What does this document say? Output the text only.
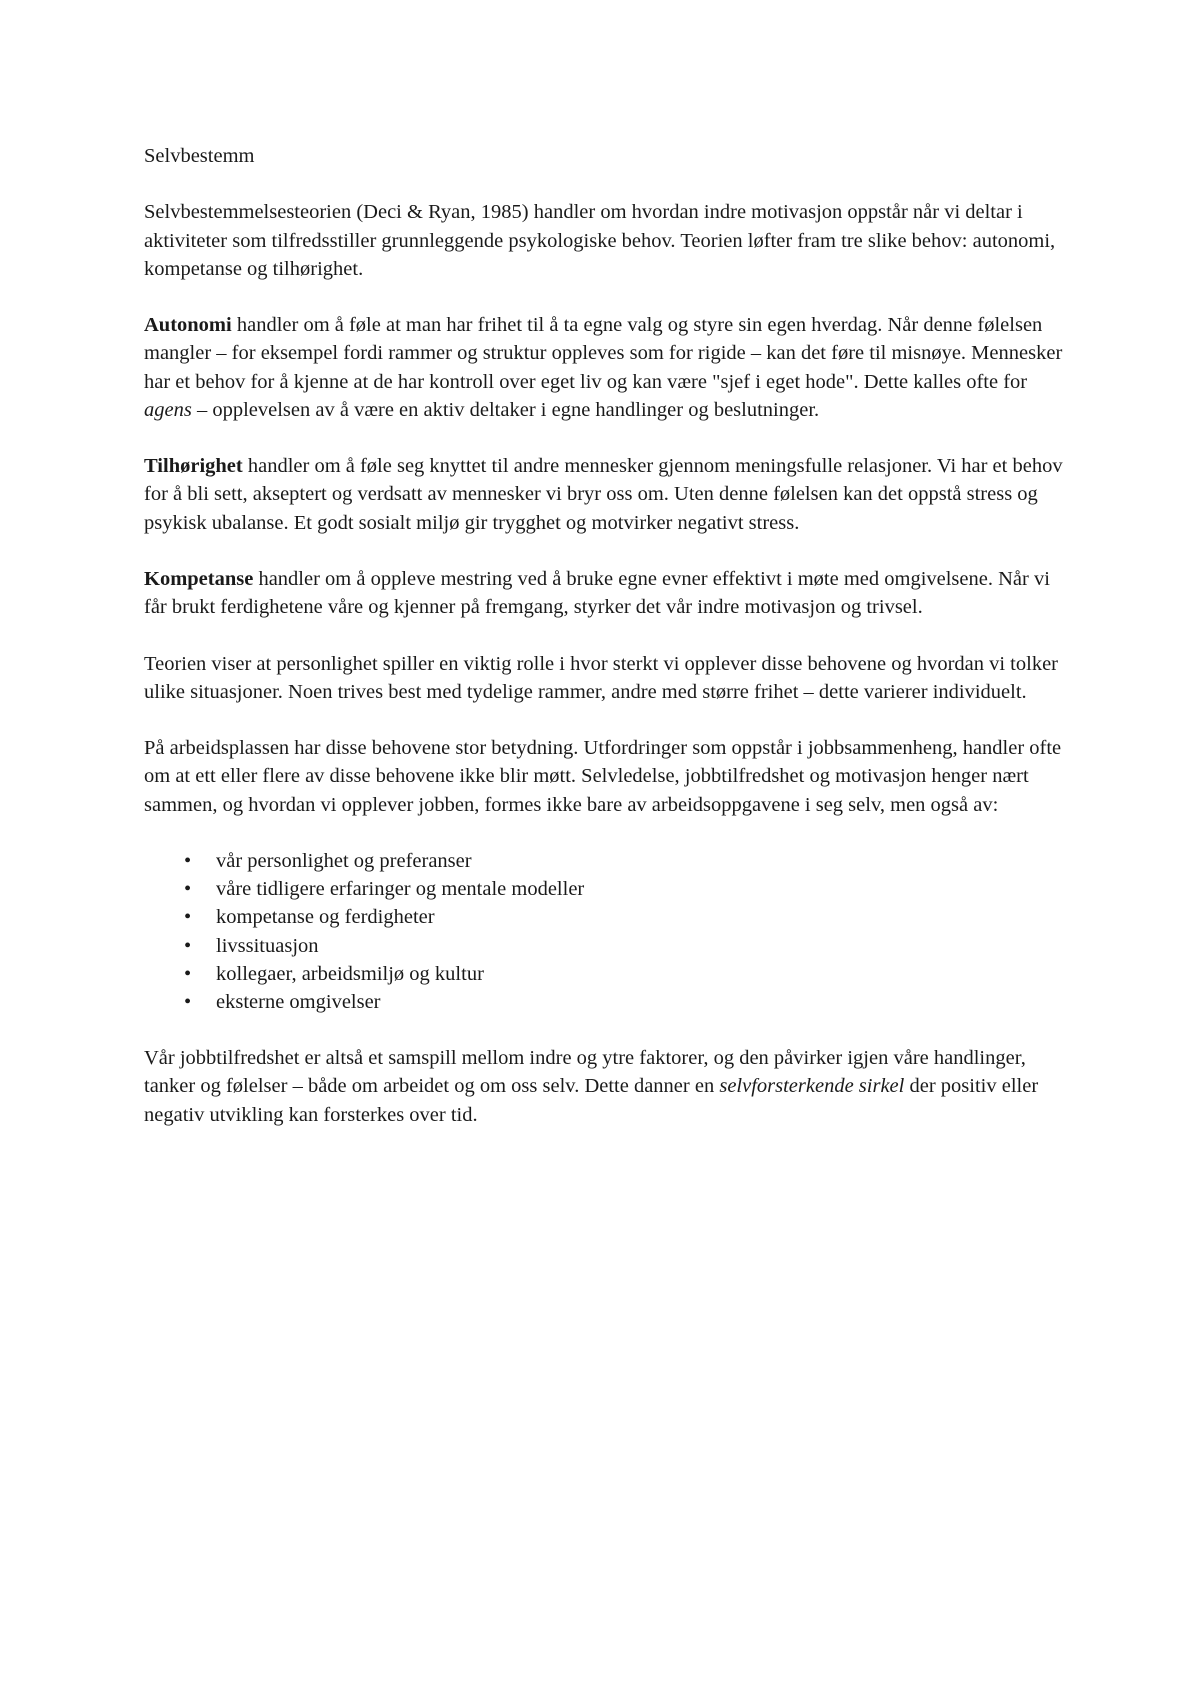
Selvbestemm

Selvbestemmelsesteorien (Deci & Ryan, 1985) handler om hvordan indre motivasjon oppstår når vi deltar i aktiviteter som tilfredsstiller grunnleggende psykologiske behov. Teorien løfter fram tre slike behov: autonomi, kompetanse og tilhørighet.

Autonomi handler om å føle at man har frihet til å ta egne valg og styre sin egen hverdag. Når denne følelsen mangler – for eksempel fordi rammer og struktur oppleves som for rigide – kan det føre til misnøye. Mennesker har et behov for å kjenne at de har kontroll over eget liv og kan være "sjef i eget hode". Dette kalles ofte for agens – opplevelsen av å være en aktiv deltaker i egne handlinger og beslutninger.

Tilhørighet handler om å føle seg knyttet til andre mennesker gjennom meningsfulle relasjoner. Vi har et behov for å bli sett, akseptert og verdsatt av mennesker vi bryr oss om. Uten denne følelsen kan det oppstå stress og psykisk ubalanse. Et godt sosialt miljø gir trygghet og motvirker negativt stress.

Kompetanse handler om å oppleve mestring ved å bruke egne evner effektivt i møte med omgivelsene. Når vi får brukt ferdighetene våre og kjenner på fremgang, styrker det vår indre motivasjon og trivsel.

Teorien viser at personlighet spiller en viktig rolle i hvor sterkt vi opplever disse behovene og hvordan vi tolker ulike situasjoner. Noen trives best med tydelige rammer, andre med større frihet – dette varierer individuelt.

På arbeidsplassen har disse behovene stor betydning. Utfordringer som oppstår i jobbsammenheng, handler ofte om at ett eller flere av disse behovene ikke blir møtt. Selvledelse, jobbtilfredshet og motivasjon henger nært sammen, og hvordan vi opplever jobben, formes ikke bare av arbeidsoppgavene i seg selv, men også av:

• vår personlighet og preferanser
• våre tidligere erfaringer og mentale modeller
• kompetanse og ferdigheter
• livssituasjon
• kollegaer, arbeidsmiljø og kultur
• eksterne omgivelser

Vår jobbtilfredshet er altså et samspill mellom indre og ytre faktorer, og den påvirker igjen våre handlinger, tanker og følelser – både om arbeidet og om oss selv. Dette danner en selvforsterkende sirkel der positiv eller negativ utvikling kan forsterkes over tid.
